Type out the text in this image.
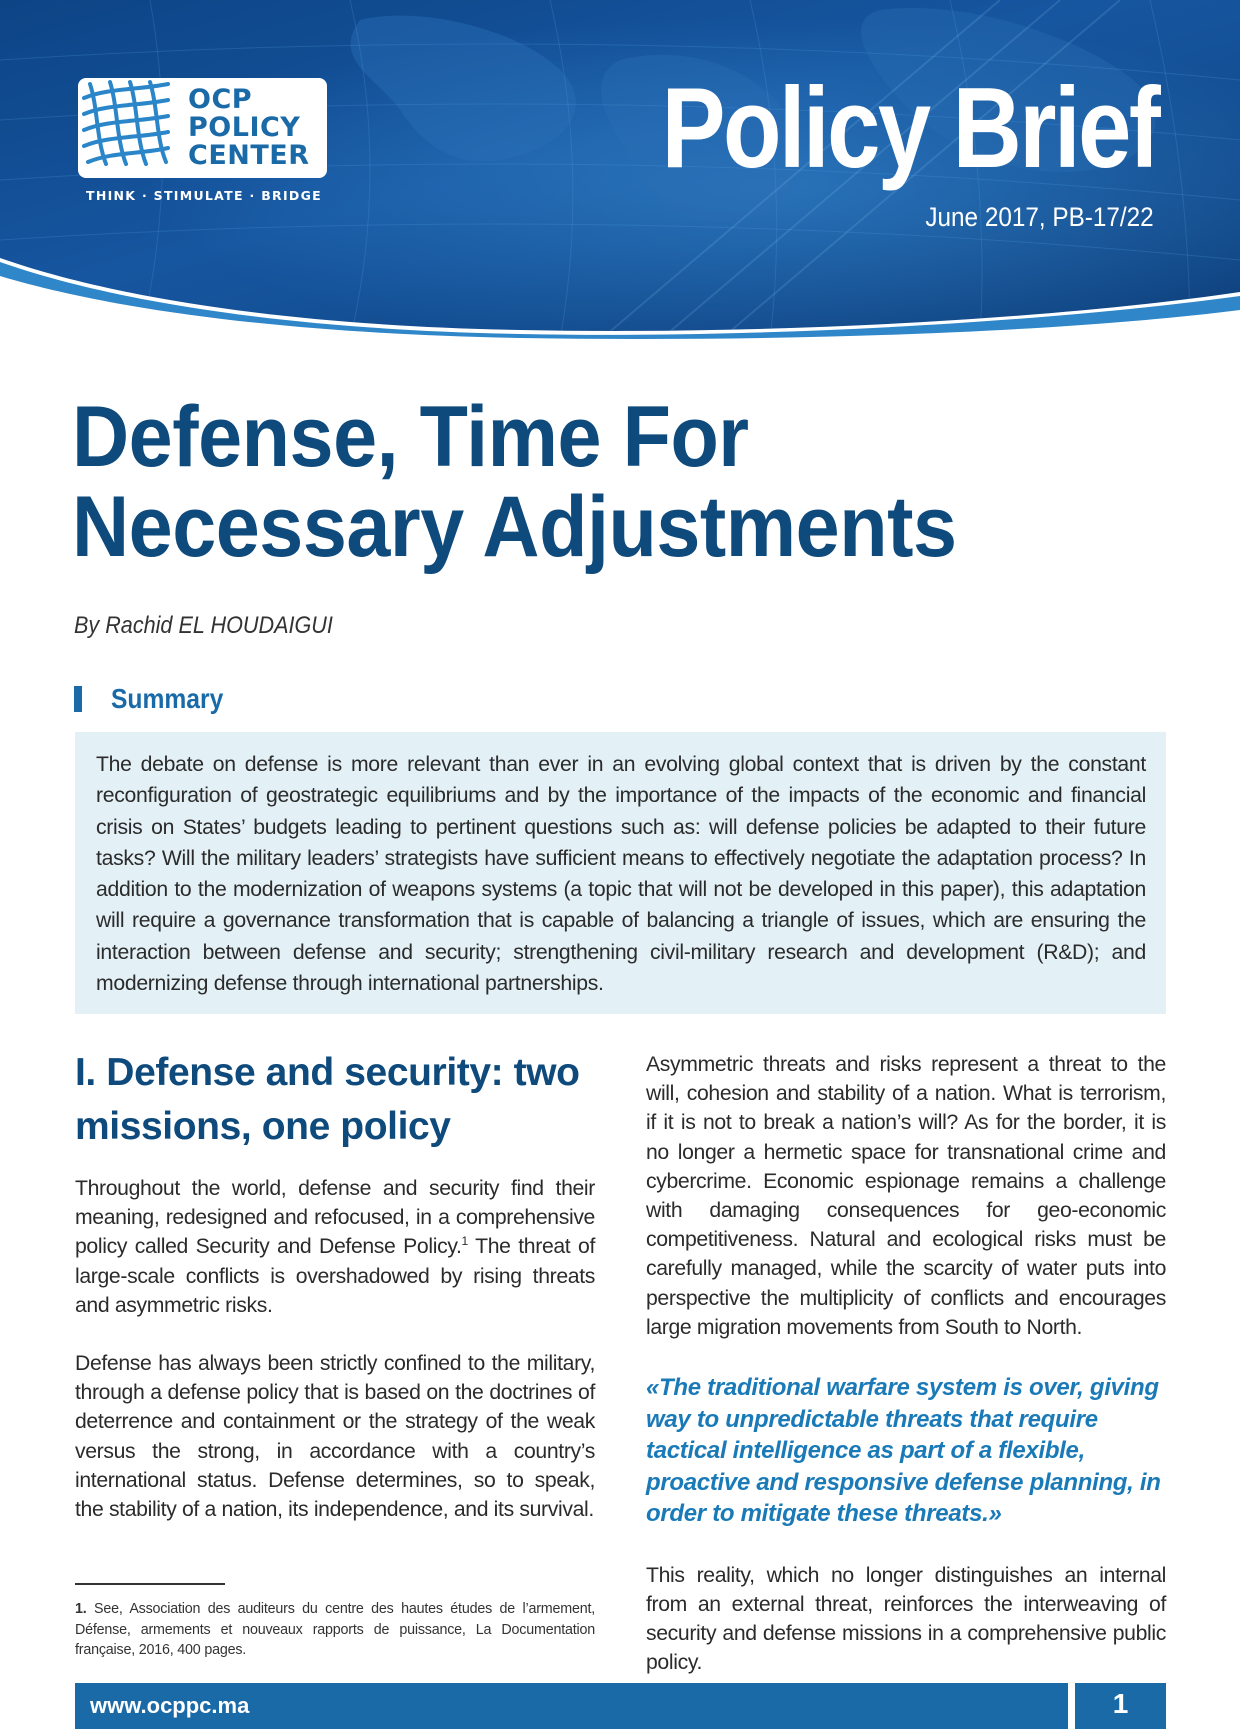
OCP
POLICY
CENTER
THINK · STIMULATE · BRIDGE
Policy Brief
June 2017, PB-17/22
Defense, Time For Necessary Adjustments
By Rachid EL HOUDAIGUI
Summary

The debate on defense is more relevant than ever in an evolving global context that is driven by the constant reconfiguration of geostrategic equilibriums and by the importance of the impacts of the economic and financial crisis on States’ budgets leading to pertinent questions such as: will defense policies be adapted to their future tasks? Will the military leaders’ strategists have sufficient means to effectively negotiate the adaptation process? In addition to the modernization of weapons systems (a topic that will not be developed in this paper), this adaptation will require a governance transformation that is capable of balancing a triangle of issues, which are ensuring the interaction between defense and security; strengthening civil-military research and development (R&D); and modernizing defense through international partnerships.

I. Defense and security: two missions, one policy

Throughout the world, defense and security find their meaning, redesigned and refocused, in a comprehensive policy called Security and Defense Policy.$^1$ The threat of large-scale conflicts is overshadowed by rising threats and asymmetric risks.

Defense has always been strictly confined to the military, through a defense policy that is based on the doctrines of deterrence and containment or the strategy of the weak versus the strong, in accordance with a country’s international status. Defense determines, so to speak, the stability of a nation, its independence, and its survival.

Asymmetric threats and risks represent a threat to the will, cohesion and stability of a nation. What is terrorism, if it is not to break a nation’s will? As for the border, it is no longer a hermetic space for transnational crime and cybercrime. Economic espionage remains a challenge with damaging consequences for geo-economic competitiveness. Natural and ecological risks must be carefully managed, while the scarcity of water puts into perspective the multiplicity of conflicts and encourages large migration movements from South to North.

«The traditional warfare system is over, giving way to unpredictable threats that require tactical intelligence as part of a flexible, proactive and responsive defense planning, in order to mitigate these threats.»

This reality, which no longer distinguishes an internal from an external threat, reinforces the interweaving of security and defense missions in a comprehensive public policy.

1. See, Association des auditeurs du centre des hautes études de l’armement, Défense, armements et nouveaux rapports de puissance, La Documentation française, 2016, 400 pages.

www.ocppc.ma	1
